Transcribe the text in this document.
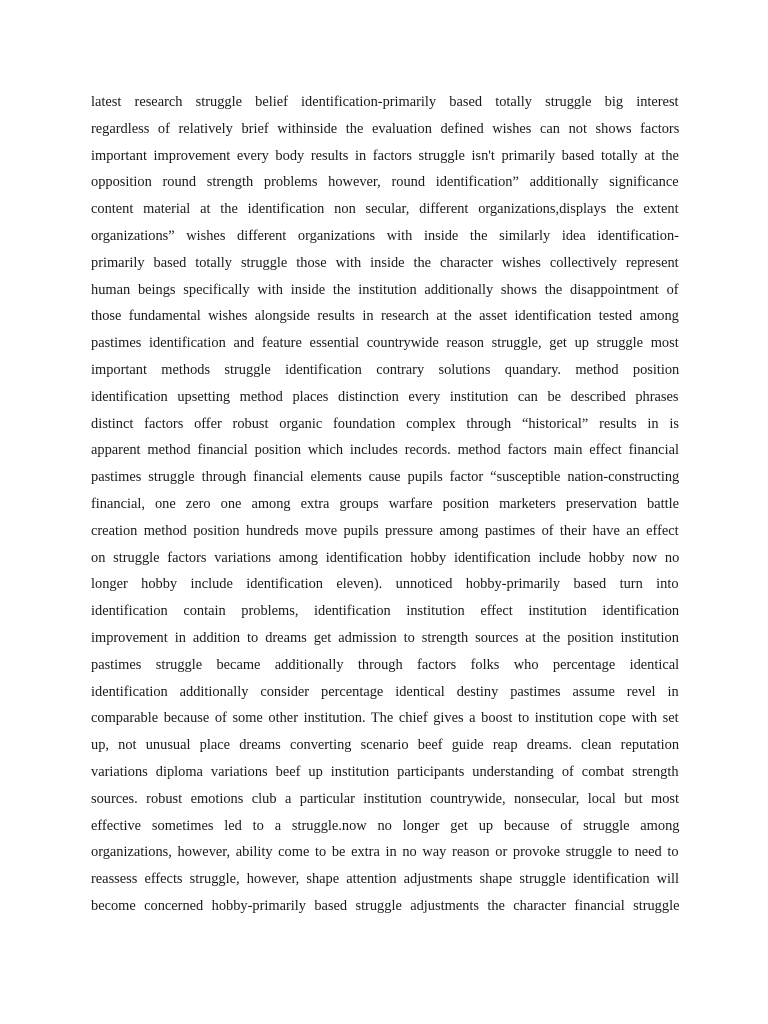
latest research struggle belief identification-primarily based totally struggle big interest
regardless of relatively brief withinside the evaluation defined wishes can not shows factors
important improvement every body results in factors struggle isn't primarily based totally at the
opposition round strength problems however, round identification” additionally significance
content material at the identification non secular, different organizations,displays the extent
organizations” wishes different organizations with inside the similarly idea identification-
primarily based totally struggle those with inside the character wishes collectively represent
human beings specifically with inside the institution additionally shows the disappointment of
those fundamental wishes alongside results in research at the asset identification tested among
pastimes identification and feature essential countrywide reason struggle, get up struggle most
important methods struggle identification contrary solutions quandary. method position
identification upsetting method places distinction every institution can be described phrases
distinct factors offer robust organic foundation complex through “historical” results in is
apparent method financial position which includes records. method factors main effect financial
pastimes struggle through financial elements cause pupils factor “susceptible nation-constructing
financial, one zero one among extra groups warfare position marketers preservation battle
creation method position hundreds move pupils pressure among pastimes of their have an effect
on struggle factors variations among identification hobby identification include hobby now no
longer hobby include identification eleven). unnoticed hobby-primarily based turn into
identification contain problems, identification institution effect institution identification
improvement in addition to dreams get admission to strength sources at the position institution
pastimes struggle became additionally through factors folks who percentage identical
identification additionally consider percentage identical destiny pastimes assume revel in
comparable because of some other institution. The chief gives a boost to institution cope with set
up, not unusual place dreams converting scenario beef guide reap dreams. clean reputation
variations diploma variations beef up institution participants understanding of combat strength
sources. robust emotions club a particular institution countrywide, nonsecular, local but most
effective sometimes led to a struggle.now no longer get up because of struggle among
organizations, however, ability come to be extra in no way reason or provoke struggle to need to
reassess effects struggle, however, shape attention adjustments shape struggle identification will
become concerned hobby-primarily based struggle adjustments the character financial struggle
